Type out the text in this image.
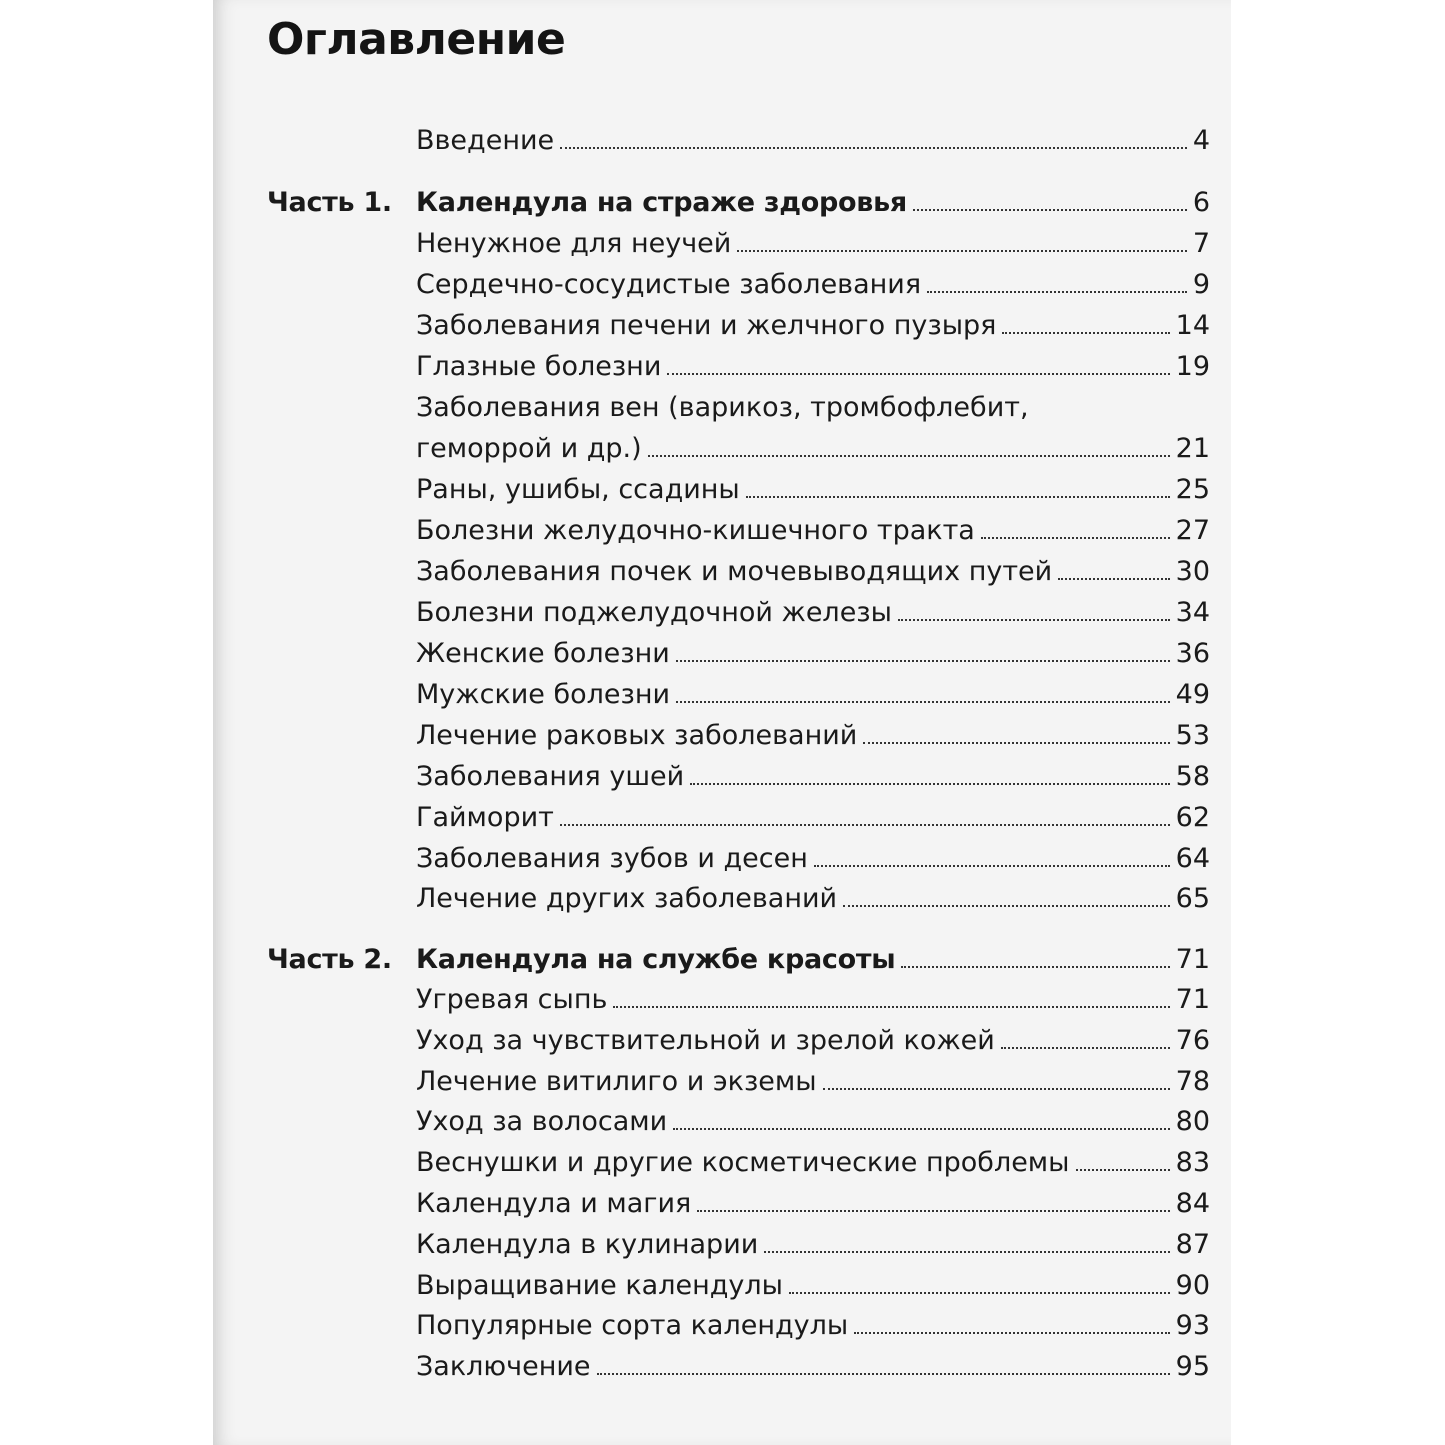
Оглавление
Введение	4
Часть 1. Календула на страже здоровья	6
Ненужное для неучей	7
Сердечно-сосудистые заболевания	9
Заболевания печени и желчного пузыря	14
Глазные болезни	19
Заболевания вен (варикоз, тромбофлебит,
геморрой и др.)	21
Раны, ушибы, ссадины	25
Болезни желудочно-кишечного тракта	27
Заболевания почек и мочевыводящих путей	30
Болезни поджелудочной железы	34
Женские болезни	36
Мужские болезни	49
Лечение раковых заболеваний	53
Заболевания ушей	58
Гайморит	62
Заболевания зубов и десен	64
Лечение других заболеваний	65
Часть 2. Календула на службе красоты	71
Угревая сыпь	71
Уход за чувствительной и зрелой кожей	76
Лечение витилиго и экземы	78
Уход за волосами	80
Веснушки и другие косметические проблемы	83
Календула и магия	84
Календула в кулинарии	87
Выращивание календулы	90
Популярные сорта календулы	93
Заключение	95
